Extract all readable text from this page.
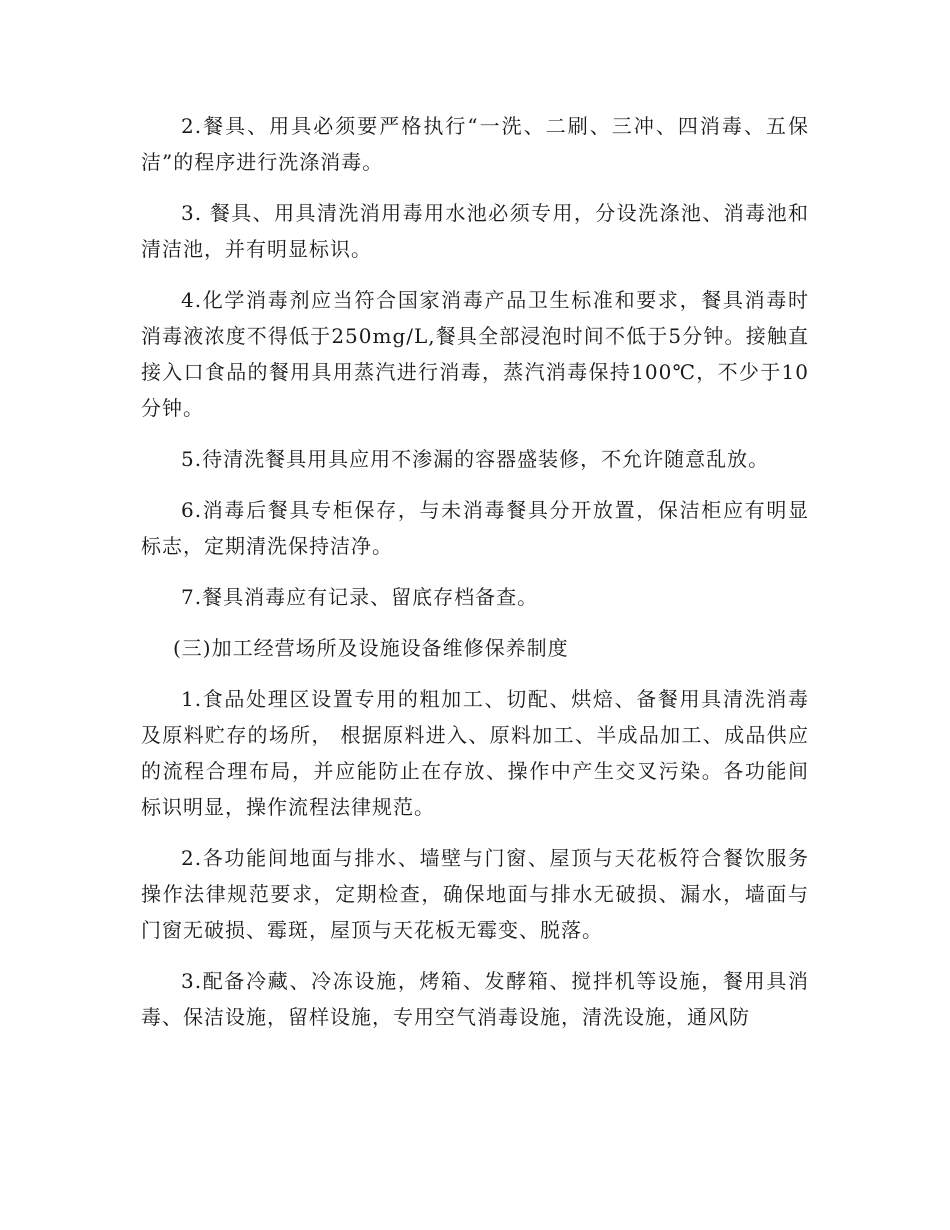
2.餐具、用具必须要严格执行“一洗、二刷、三冲、四消毒、五保洁”的程序进行洗涤消毒。

3. 餐具、用具清洗消用毒用水池必须专用，分设洗涤池、消毒池和清洁池，并有明显标识。

4.化学消毒剂应当符合国家消毒产品卫生标准和要求，餐具消毒时消毒液浓度不得低于250mg/L,餐具全部浸泡时间不低于5分钟。接触直接入口食品的餐用具用蒸汽进行消毒，蒸汽消毒保持100℃，不少于10分钟。

5.待清洗餐具用具应用不渗漏的容器盛装修，不允许随意乱放。

6.消毒后餐具专柜保存，与未消毒餐具分开放置，保洁柜应有明显标志，定期清洗保持洁净。

7.餐具消毒应有记录、留底存档备查。

(三)加工经营场所及设施设备维修保养制度

1.食品处理区设置专用的粗加工、切配、烘焙、备餐用具清洗消毒及原料贮存的场所， 根据原料进入、原料加工、半成品加工、成品供应的流程合理布局，并应能防止在存放、操作中产生交叉污染。各功能间标识明显，操作流程法律规范。

2.各功能间地面与排水、墙壁与门窗、屋顶与天花板符合餐饮服务操作法律规范要求，定期检查，确保地面与排水无破损、漏水，墙面与门窗无破损、霉斑，屋顶与天花板无霉变、脱落。

3.配备冷藏、冷冻设施，烤箱、发酵箱、搅拌机等设施，餐用具消毒、保洁设施，留样设施，专用空气消毒设施，清洗设施，通风防
